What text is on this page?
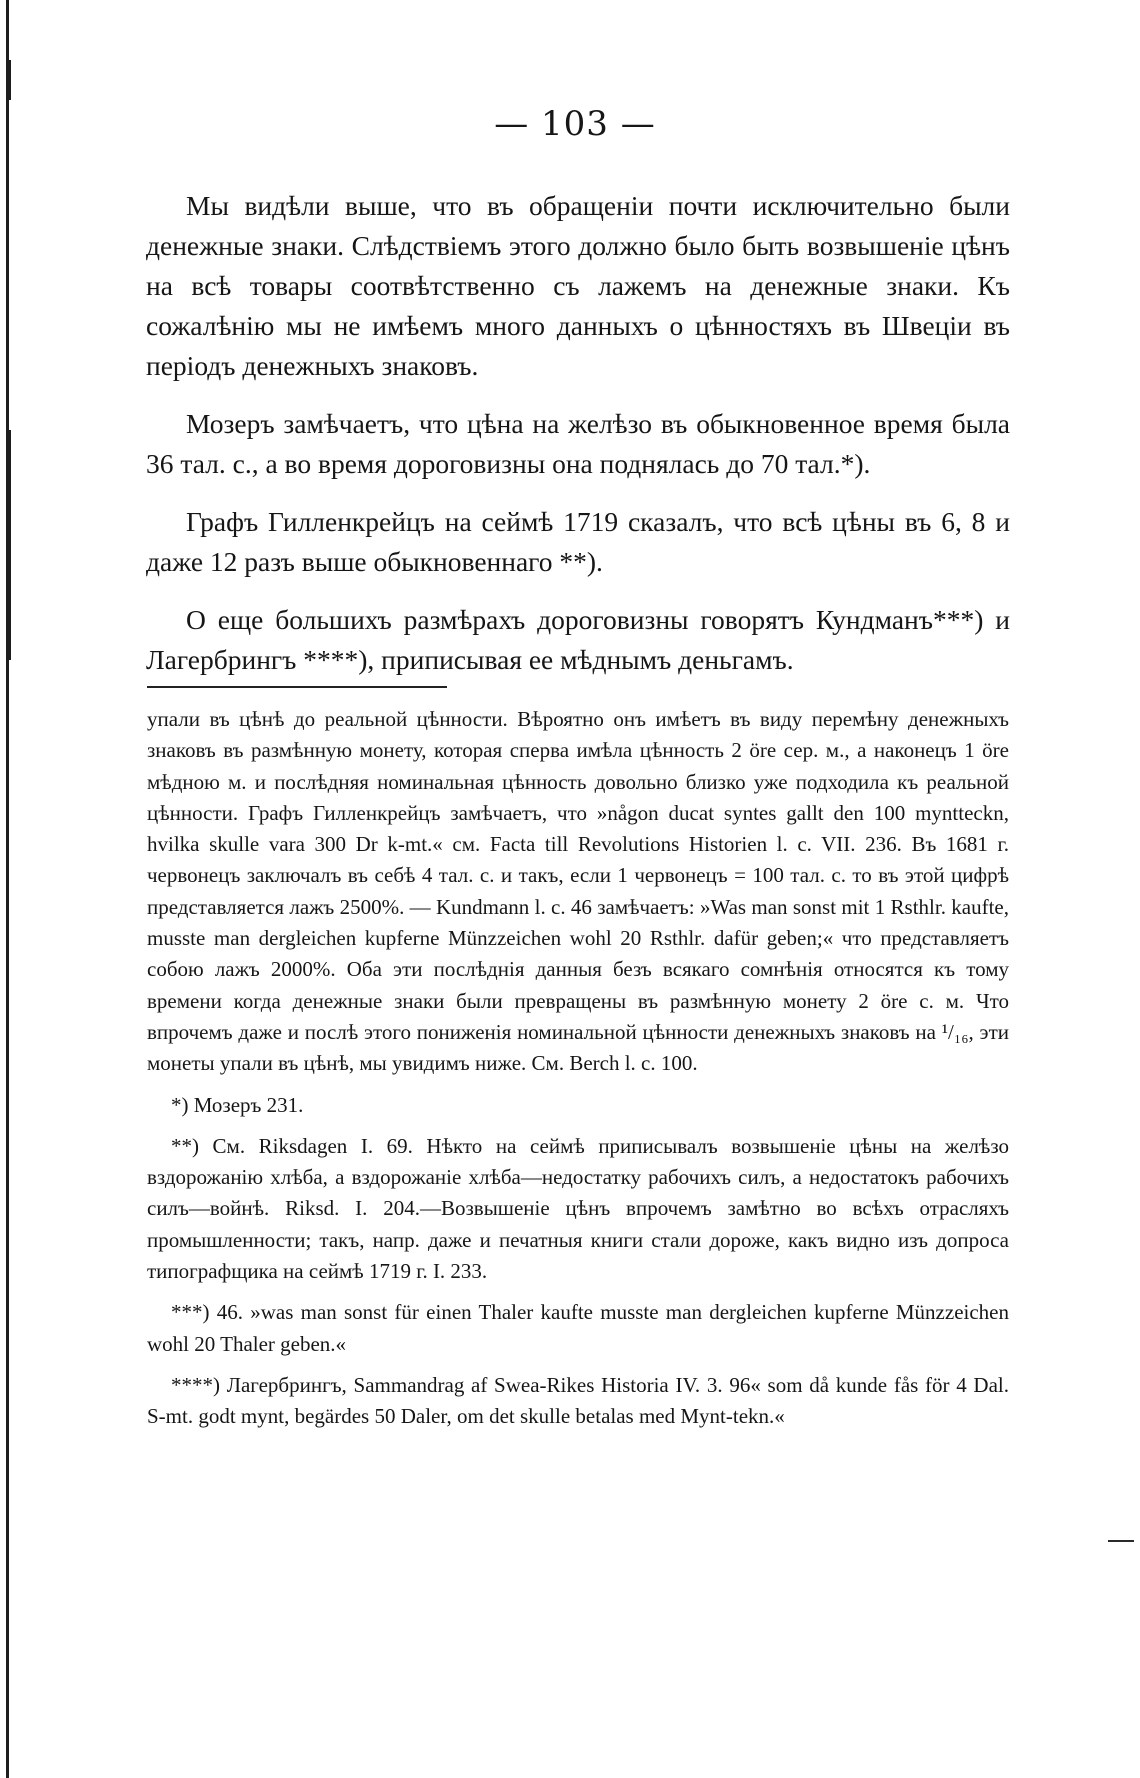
— 103 —

Мы видѣли выше, что въ обращеніи почти исключительно были денежные знаки. Слѣдствіемъ этого должно было быть возвышеніе цѣнъ на всѣ товары соотвѣтственно съ лажемъ на денежные знаки. Къ сожалѣнію мы не имѣемъ много данныхъ о цѣнностяхъ въ Швеціи въ періодъ денежныхъ знаковъ.

Мозеръ замѣчаетъ, что цѣна на желѣзо въ обыкновенное время была 36 тал. с., а во время дороговизны она поднялась до 70 тал.*).

Графъ Гилленкрейцъ на сеймѣ 1719 сказалъ, что всѣ цѣны въ 6, 8 и даже 12 разъ выше обыкновеннаго **).

О еще большихъ размѣрахъ дороговизны говорятъ Кундманъ***) и Лагербрингъ ****), приписывая ее мѣднымъ деньгамъ.

упали въ цѣнѣ до реальной цѣнности. Вѣроятно онъ имѣетъ въ виду перемѣну денежныхъ знаковъ въ размѣнную монету, которая сперва имѣла цѣнность 2 öre сер. м., а наконецъ 1 öre мѣдною м. и послѣдняя номинальная цѣнность довольно близко уже подходила къ реальной цѣнности. Графъ Гилленкрейцъ замѣчаетъ, что »någon ducat syntes gallt den 100 myntteckn, hvilka skulle vara 300 Dr k-mt.« см. Facta till Revolutions Historien l. c. VII. 236. Въ 1681 г. червонецъ заключалъ въ себѣ 4 тал. с. и такъ, если 1 червонецъ = 100 тал. с. то въ этой цифрѣ представляется лажъ 2500%. — Kundmann l. c. 46 замѣчаетъ: »Was man sonst mit 1 Rsthlr. kaufte, musste man dergleichen kupferne Münzzeichen wohl 20 Rsthlr. dafür geben;« что представляетъ собою лажъ 2000%. Оба эти послѣднія данныя безъ всякаго сомнѣнія относятся къ тому времени когда денежные знаки были превращены въ размѣнную монету 2 öre с. м. Что впрочемъ даже и послѣ этого пониженія номинальной цѣнности денежныхъ знаковъ на ¹/₁₆, эти монеты упали въ цѣнѣ, мы увидимъ ниже. См. Berch l. c. 100.

*) Мозеръ 231.

**) См. Riksdagen I. 69. Нѣкто на сеймѣ приписывалъ возвышеніе цѣны на желѣзо вздорожанію хлѣба, а вздорожаніе хлѣба—недостатку рабочихъ силъ, а недостатокъ рабочихъ силъ—войнѣ. Riksd. I. 204.—Возвышеніе цѣнъ впрочемъ замѣтно во всѣхъ отрасляхъ промышленности; такъ, напр. даже и печатныя книги стали дороже, какъ видно изъ допроса типографщика на сеймѣ 1719 г. I. 233.

***) 46. »was man sonst für einen Thaler kaufte musste man dergleichen kupferne Münzzeichen wohl 20 Thaler geben.«

****) Лагербрингъ, Sammandrag af Swea-Rikes Historia IV. 3. 96« som då kunde fås för 4 Dal. S-mt. godt mynt, begärdes 50 Daler, om det skulle betalas med Mynt-tekn.«
